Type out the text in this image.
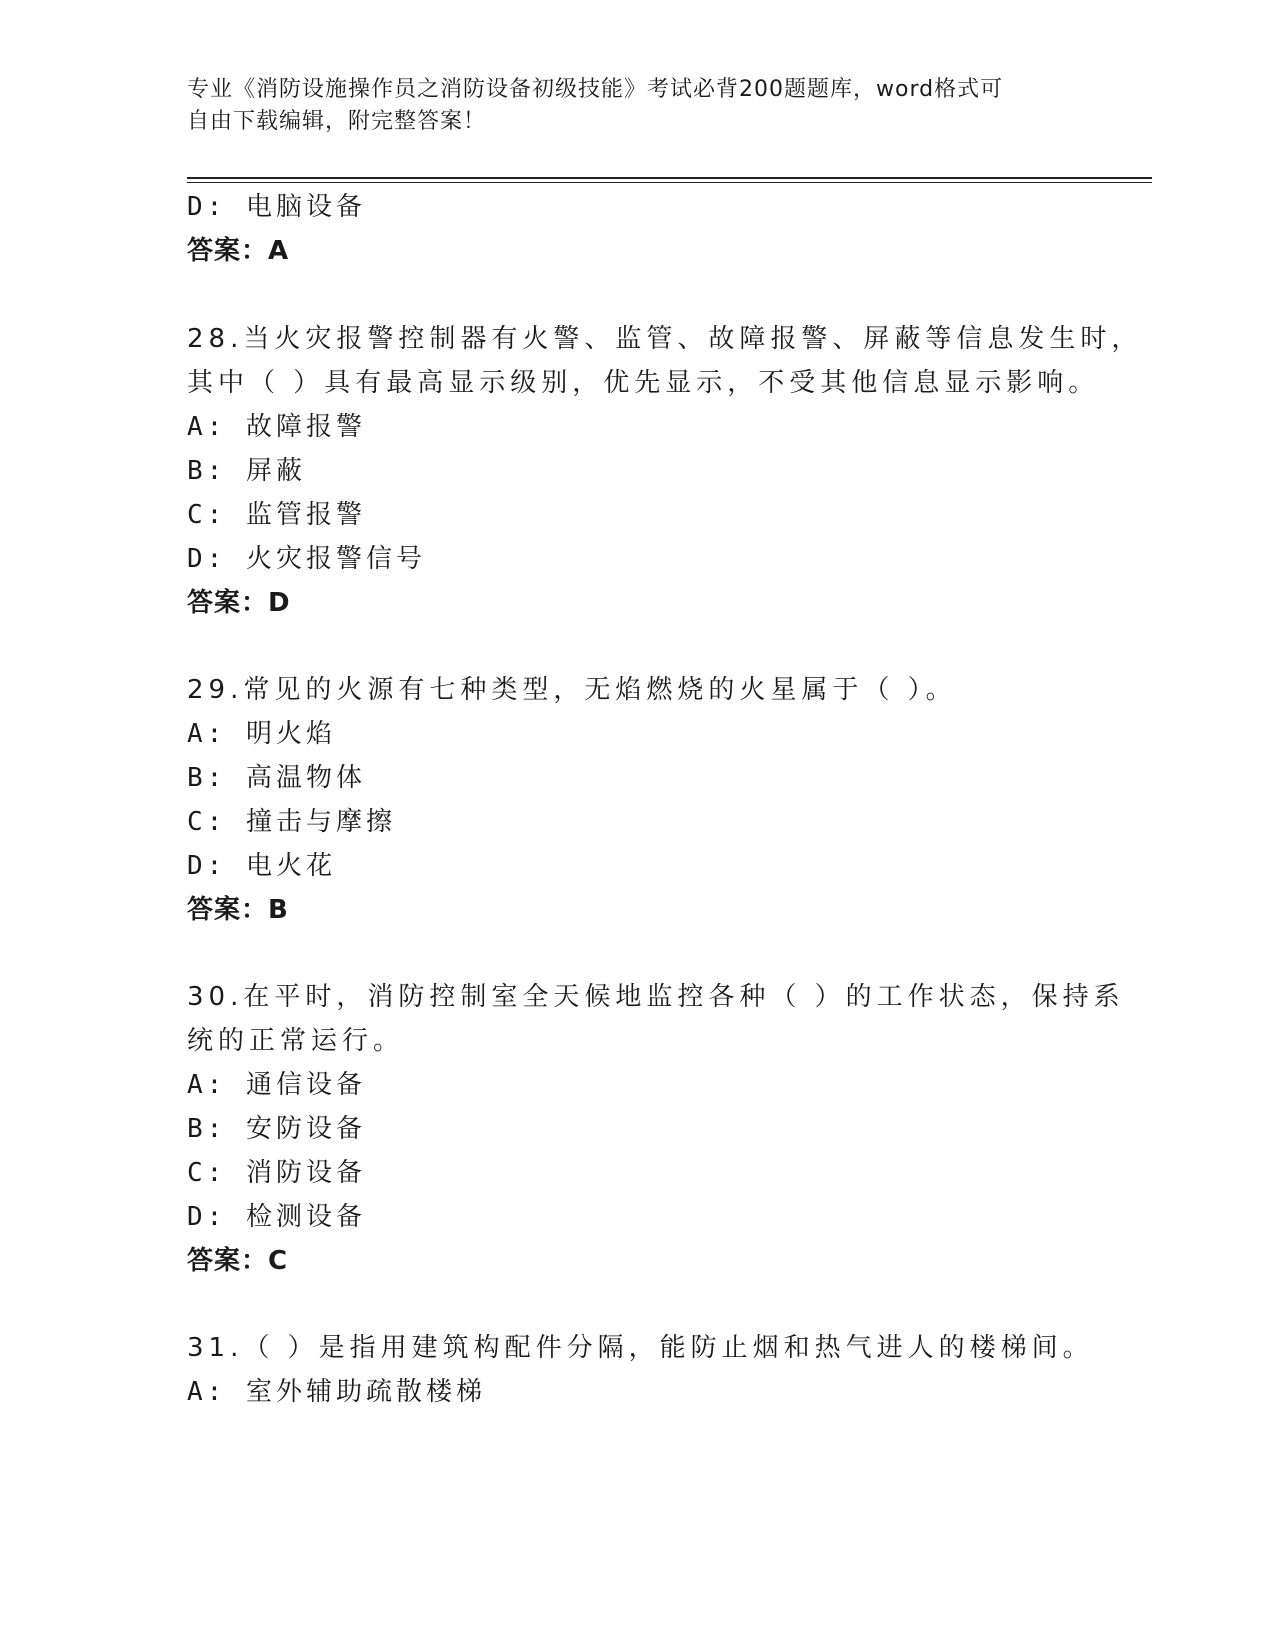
专业《消防设施操作员之消防设备初级技能》考试必背200题题库，word格式可
自由下载编辑，附完整答案！
D: 电脑设备
答案：A
28.当火灾报警控制器有火警、监管、故障报警、屏蔽等信息发生时，
其中（ ）具有最高显示级别，优先显示，不受其他信息显示影响。
A: 故障报警
B: 屏蔽
C: 监管报警
D: 火灾报警信号
答案：D
29.常见的火源有七种类型，无焰燃烧的火星属于（ ）。
A: 明火焰
B: 高温物体
C: 撞击与摩擦
D: 电火花
答案：B
30.在平时，消防控制室全天候地监控各种（ ）的工作状态，保持系
统的正常运行。
A: 通信设备
B: 安防设备
C: 消防设备
D: 检测设备
答案：C
31.（ ）是指用建筑构配件分隔，能防止烟和热气进人的楼梯间。
A: 室外辅助疏散楼梯
